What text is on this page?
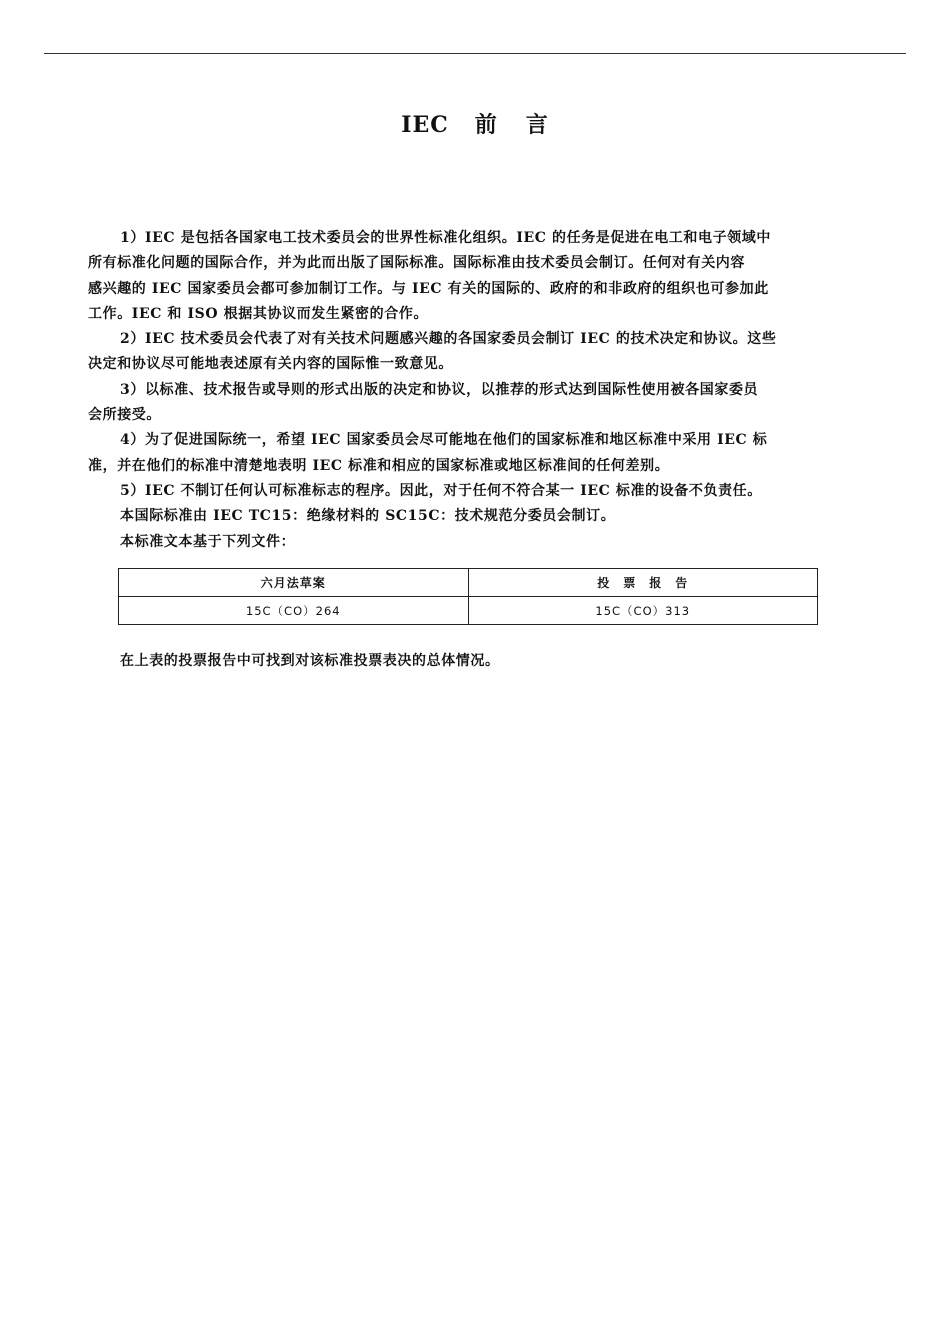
IEC 前 言

1）IEC 是包括各国家电工技术委员会的世界性标准化组织。IEC 的任务是促进在电工和电子领域中

所有标准化问题的国际合作，并为此而出版了国际标准。国际标准由技术委员会制订。任何对有关内容

感兴趣的 IEC 国家委员会都可参加制订工作。与 IEC 有关的国际的、政府的和非政府的组织也可参加此

工作。IEC 和 ISO 根据其协议而发生紧密的合作。

2）IEC 技术委员会代表了对有关技术问题感兴趣的各国家委员会制订 IEC 的技术决定和协议。这些

决定和协议尽可能地表述原有关内容的国际惟一致意见。

3）以标准、技术报告或导则的形式出版的决定和协议，以推荐的形式达到国际性使用被各国家委员

会所接受。

4）为了促进国际统一，希望 IEC 国家委员会尽可能地在他们的国家标准和地区标准中采用 IEC 标

准，并在他们的标准中清楚地表明 IEC 标准和相应的国家标准或地区标准间的任何差别。

5）IEC 不制订任何认可标准标志的程序。因此，对于任何不符合某一 IEC 标准的设备不负责任。

本国际标准由 IEC TC15：绝缘材料的 SC15C：技术规范分委员会制订。

本标准文本基于下列文件：

六月法草案	投　票　报　告
15C（CO）264	15C（CO）313
在上表的投票报告中可找到对该标准投票表决的总体情况。
